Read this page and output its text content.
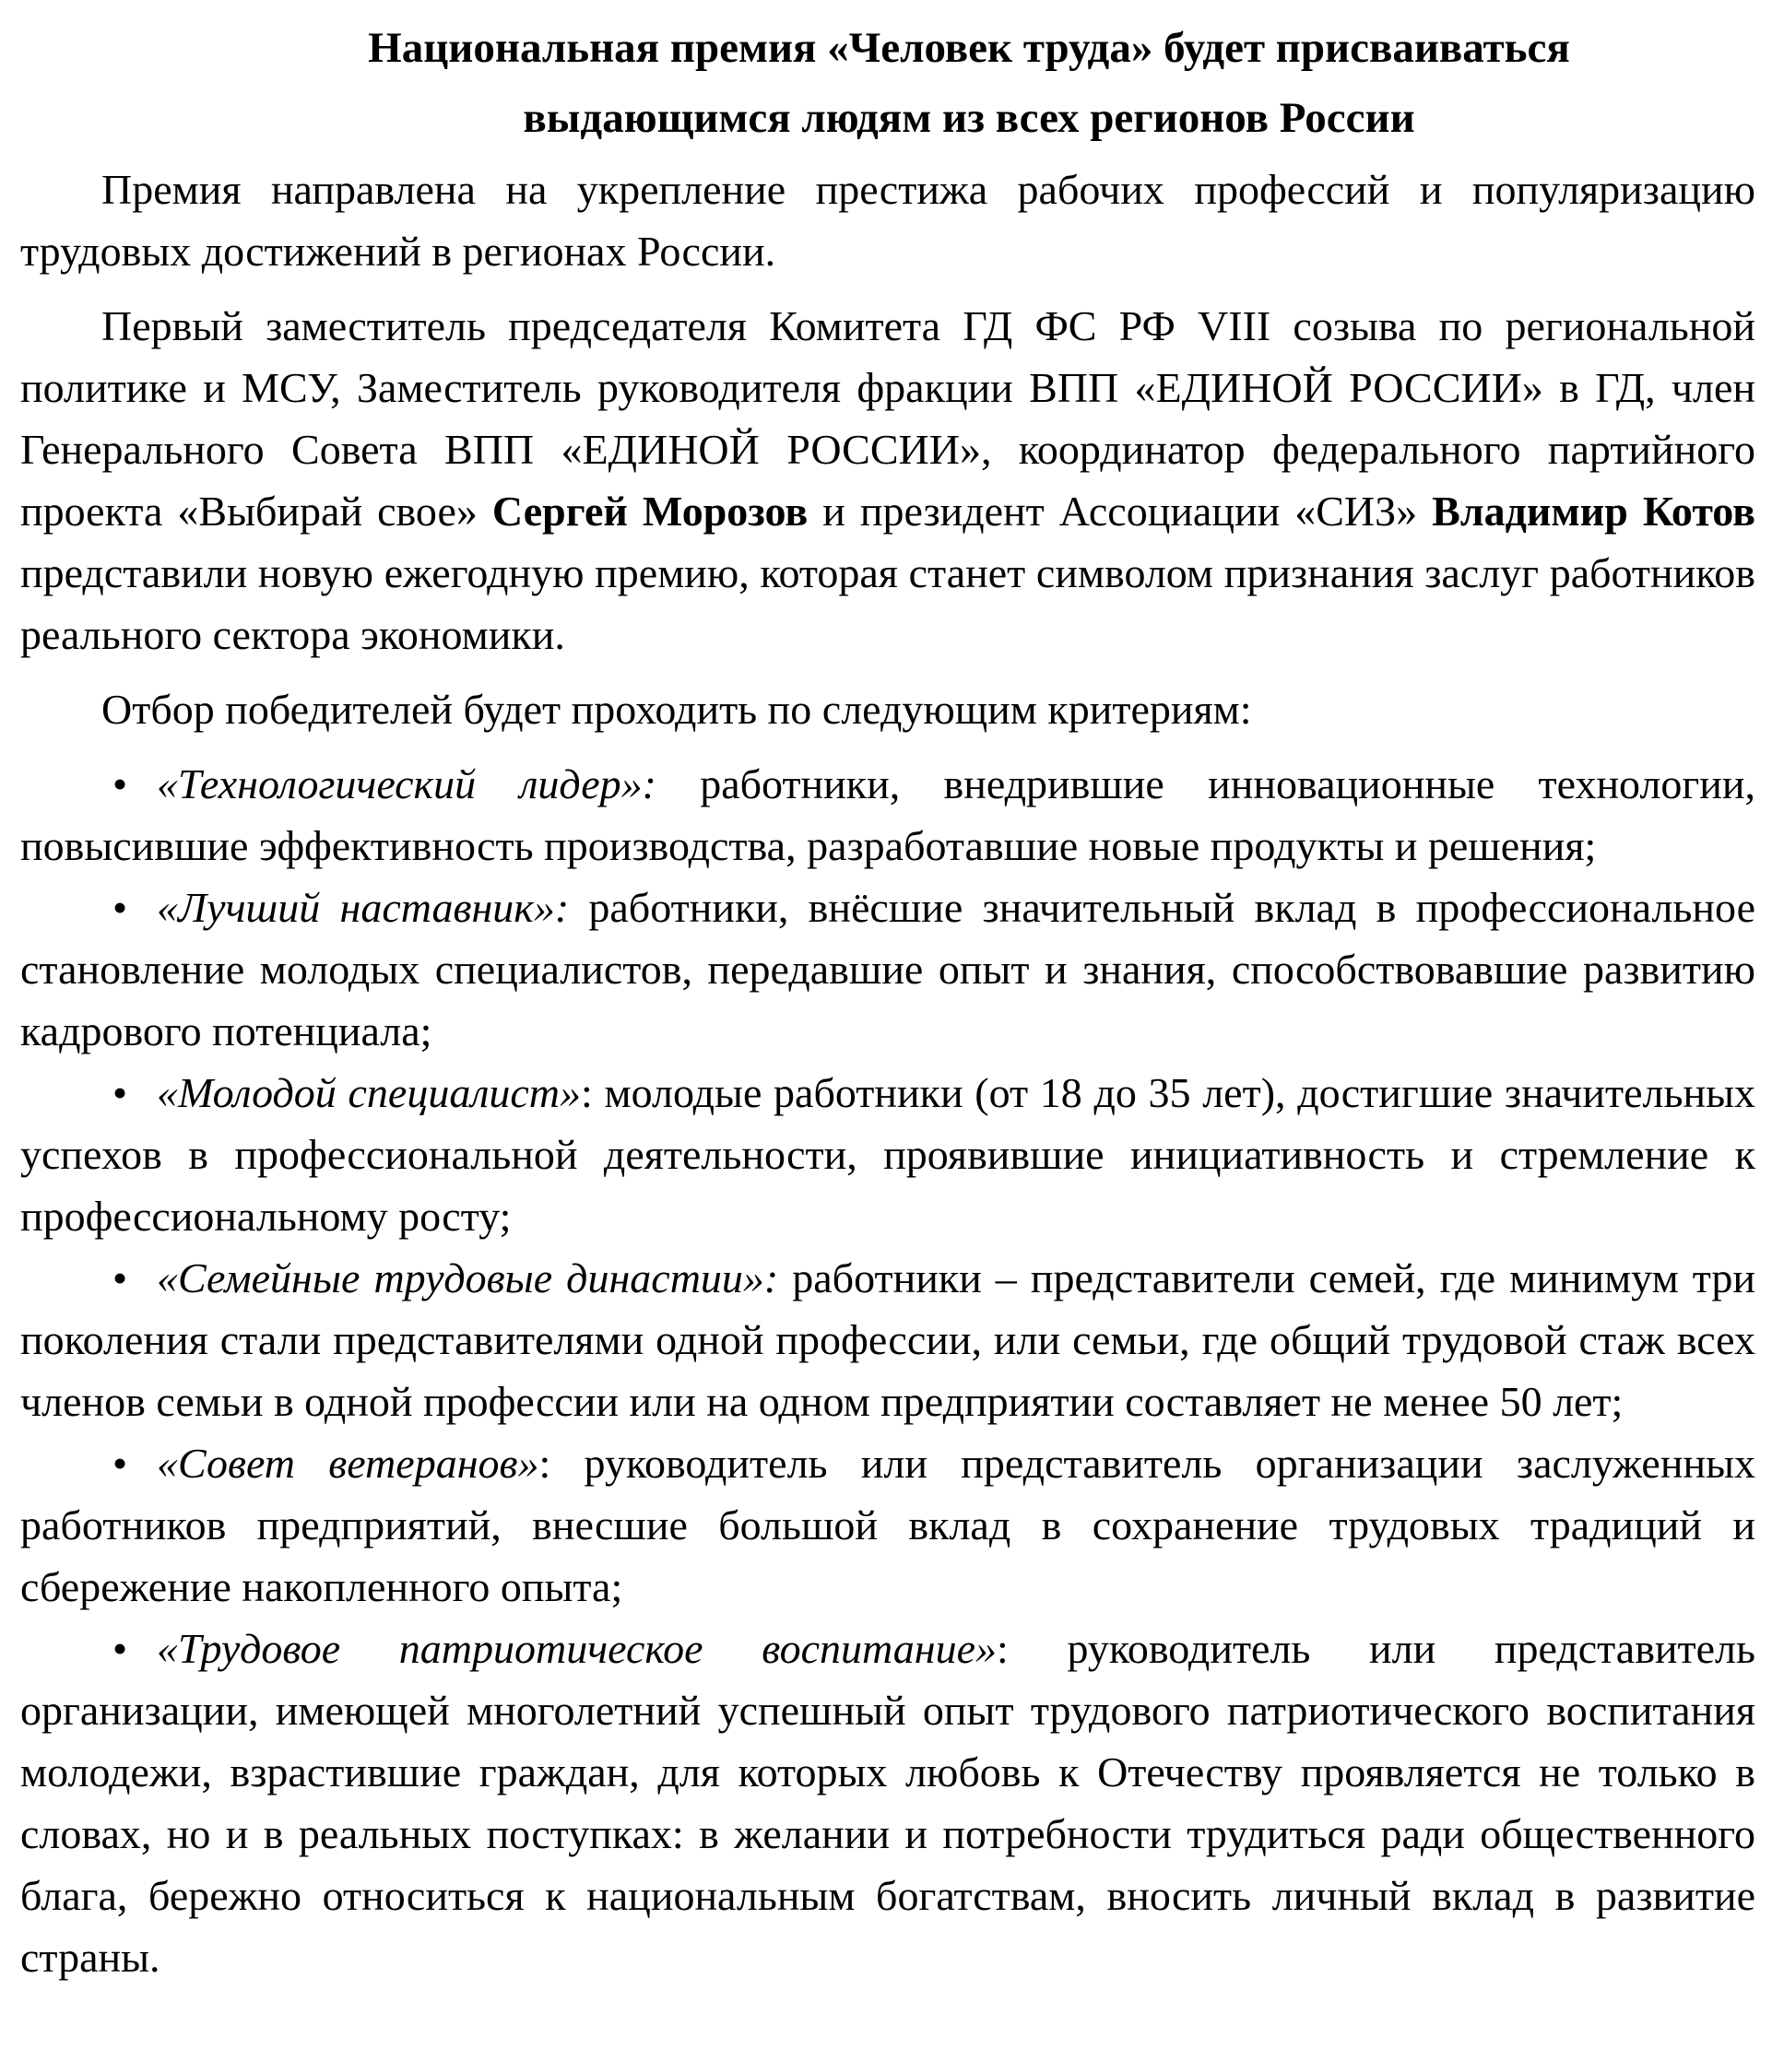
Национальная премия «Человек труда» будет присваиваться
выдающимся людям из всех регионов России

Премия направлена на укрепление престижа рабочих профессий и популяризацию трудовых достижений в регионах России.

Первый заместитель председателя Комитета ГД ФС РФ VIII созыва по региональной политике и МСУ, Заместитель руководителя фракции ВПП «ЕДИНОЙ РОССИИ» в ГД, член Генерального Совета ВПП «ЕДИНОЙ РОССИИ», координатор федерального партийного проекта «Выбирай свое» Сергей Морозов и президент Ассоциации «СИЗ» Владимир Котов представили новую ежегодную премию, которая станет символом признания заслуг работников реального сектора экономики.

Отбор победителей будет проходить по следующим критериям:

• «Технологический лидер»: работники, внедрившие инновационные технологии, повысившие эффективность производства, разработавшие новые продукты и решения;

• «Лучший наставник»: работники, внёсшие значительный вклад в профессиональное становление молодых специалистов, передавшие опыт и знания, способствовавшие развитию кадрового потенциала;

• «Молодой специалист»: молодые работники (от 18 до 35 лет), достигшие значительных успехов в профессиональной деятельности, проявившие инициативность и стремление к профессиональному росту;

• «Семейные трудовые династии»: работники – представители семей, где минимум три поколения стали представителями одной профессии, или семьи, где общий трудовой стаж всех членов семьи в одной профессии или на одном предприятии составляет не менее 50 лет;

• «Совет ветеранов»: руководитель или представитель организации заслуженных работников предприятий, внесшие большой вклад в сохранение трудовых традиций и сбережение накопленного опыта;

• «Трудовое патриотическое воспитание»: руководитель или представитель организации, имеющей многолетний успешный опыт трудового патриотического воспитания молодежи, взрастившие граждан, для которых любовь к Отечеству проявляется не только в словах, но и в реальных поступках: в желании и потребности трудиться ради общественного блага, бережно относиться к национальным богатствам, вносить личный вклад в развитие страны.
